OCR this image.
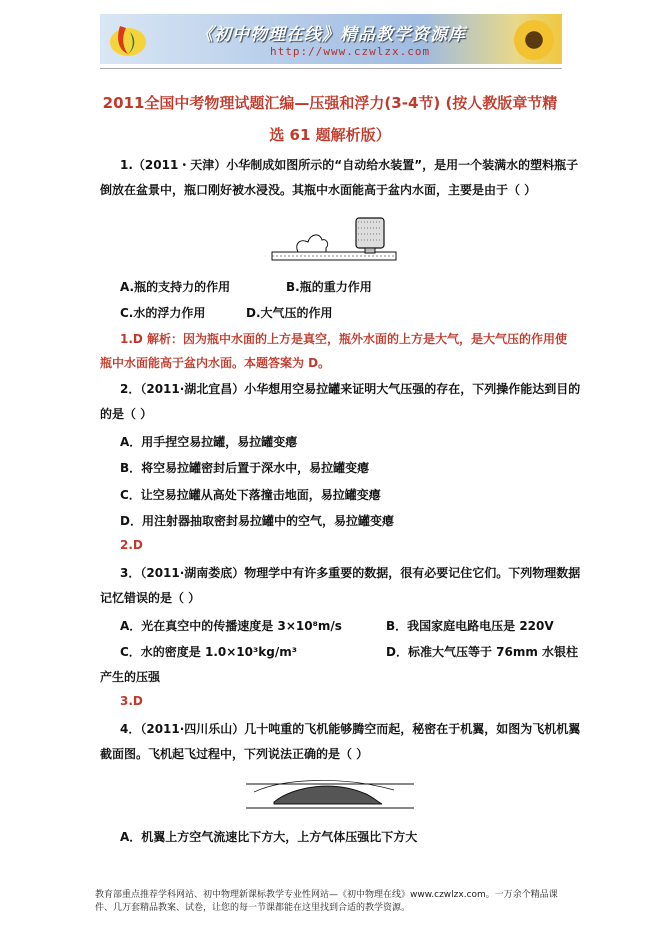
《初中物理在线》精品教学资源库
http://www.czwlzx.com
2011全国中考物理试题汇编—压强和浮力(3-4节) (按人教版章节精
选 61 题解析版）
1.（2011・天津）小华制成如图所示的“自动给水装置”，是用一个装满水的塑料瓶子
倒放在盆景中，瓶口刚好被水浸没。其瓶中水面能高于盆内水面，主要是由于（ ）
A.瓶的支持力的作用	B.瓶的重力作用
C.水的浮力作用	D.大气压的作用
1.D 解析：因为瓶中水面的上方是真空，瓶外水面的上方是大气，是大气压的作用使
瓶中水面能高于盆内水面。本题答案为 D。
2．（2011·湖北宜昌）小华想用空易拉罐来证明大气压强的存在，下列操作能达到目的
的是（ ）
A．用手捏空易拉罐，易拉罐变瘪
B．将空易拉罐密封后置于深水中，易拉罐变瘪
C．让空易拉罐从高处下落撞击地面，易拉罐变瘪
D．用注射器抽取密封易拉罐中的空气，易拉罐变瘪
2.D
3．（2011·湖南娄底）物理学中有许多重要的数据，很有必要记住它们。下列物理数据
记忆错误的是（ ）
A．光在真空中的传播速度是 3×10⁸m/s	B．我国家庭电路电压是 220V
C．水的密度是 1.0×10³kg/m³	D．标准大气压等于 76mm 水银柱
产生的压强
3.D
4．（2011·四川乐山）几十吨重的飞机能够腾空而起，秘密在于机翼，如图为飞机机翼
截面图。飞机起飞过程中，下列说法正确的是（ ）
A．机翼上方空气流速比下方大，上方气体压强比下方大
教育部重点推荐学科网站、初中物理新课标教学专业性网站—《初中物理在线》www.czwlzx.com。一万余个精品课件、几万套精品教案、试卷，让您的每一节课都能在这里找到合适的教学资源。
